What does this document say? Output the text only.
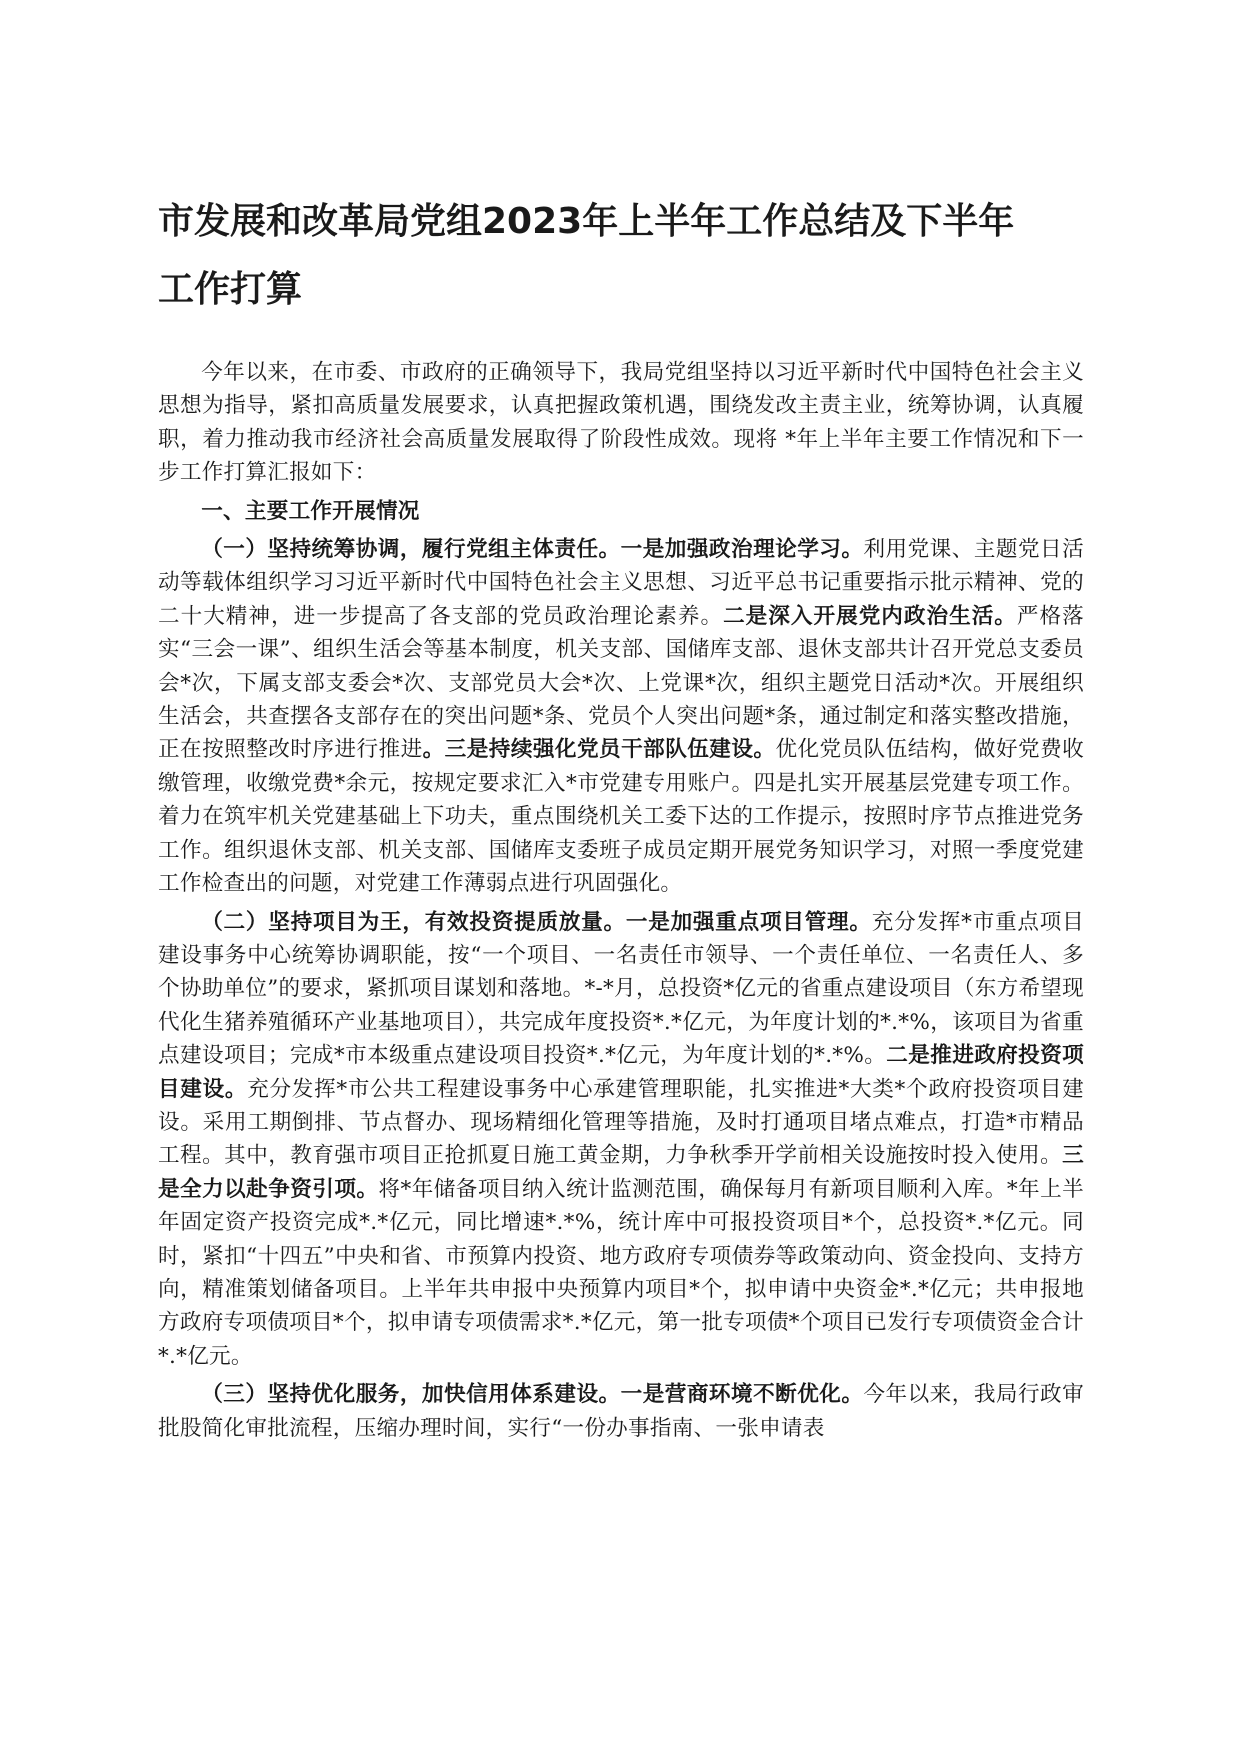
市发展和改革局党组2023年上半年工作总结及下半年
工作打算

今年以来，在市委、市政府的正确领导下，我局党组坚持以习近平新时代中国特色社会主义思想为指导，紧扣高质量发展要求，认真把握政策机遇，围绕发改主责主业，统筹协调，认真履职，着力推动我市经济社会高质量发展取得了阶段性成效。现将 *年上半年主要工作情况和下一步工作打算汇报如下：

一、主要工作开展情况

（一）坚持统筹协调，履行党组主体责任。一是加强政治理论学习。利用党课、主题党日活动等载体组织学习习近平新时代中国特色社会主义思想、习近平总书记重要指示批示精神、党的二十大精神，进一步提高了各支部的党员政治理论素养。二是深入开展党内政治生活。严格落实“三会一课”、组织生活会等基本制度，机关支部、国储库支部、退休支部共计召开党总支委员会*次，下属支部支委会*次、支部党员大会*次、上党课*次，组织主题党日活动*次。开展组织生活会，共查摆各支部存在的突出问题*条、党员个人突出问题*条，通过制定和落实整改措施，正在按照整改时序进行推进。三是持续强化党员干部队伍建设。优化党员队伍结构，做好党费收缴管理，收缴党费*余元，按规定要求汇入*市党建专用账户。四是扎实开展基层党建专项工作。着力在筑牢机关党建基础上下功夫，重点围绕机关工委下达的工作提示，按照时序节点推进党务工作。组织退休支部、机关支部、国储库支委班子成员定期开展党务知识学习，对照一季度党建工作检查出的问题，对党建工作薄弱点进行巩固强化。

（二）坚持项目为王，有效投资提质放量。一是加强重点项目管理。充分发挥*市重点项目建设事务中心统筹协调职能，按“一个项目、一名责任市领导、一个责任单位、一名责任人、多个协助单位”的要求，紧抓项目谋划和落地。*-*月，总投资*亿元的省重点建设项目（东方希望现代化生猪养殖循环产业基地项目），共完成年度投资*.*亿元，为年度计划的*.*%，该项目为省重点建设项目；完成*市本级重点建设项目投资*.*亿元，为年度计划的*.*%。二是推进政府投资项目建设。充分发挥*市公共工程建设事务中心承建管理职能，扎实推进*大类*个政府投资项目建设。采用工期倒排、节点督办、现场精细化管理等措施，及时打通项目堵点难点，打造*市精品工程。其中，教育强市项目正抢抓夏日施工黄金期，力争秋季开学前相关设施按时投入使用。三是全力以赴争资引项。将*年储备项目纳入统计监测范围，确保每月有新项目顺利入库。*年上半年固定资产投资完成*.*亿元，同比增速*.*%，统计库中可报投资项目*个，总投资*.*亿元。同时，紧扣“十四五”中央和省、市预算内投资、地方政府专项债券等政策动向、资金投向、支持方向，精准策划储备项目。上半年共申报中央预算内项目*个，拟申请中央资金*.*亿元；共申报地方政府专项债项目*个，拟申请专项债需求*.*亿元，第一批专项债*个项目已发行专项债资金合计*.*亿元。

（三）坚持优化服务，加快信用体系建设。一是营商环境不断优化。今年以来，我局行政审批股简化审批流程，压缩办理时间，实行“一份办事指南、一张申请表
